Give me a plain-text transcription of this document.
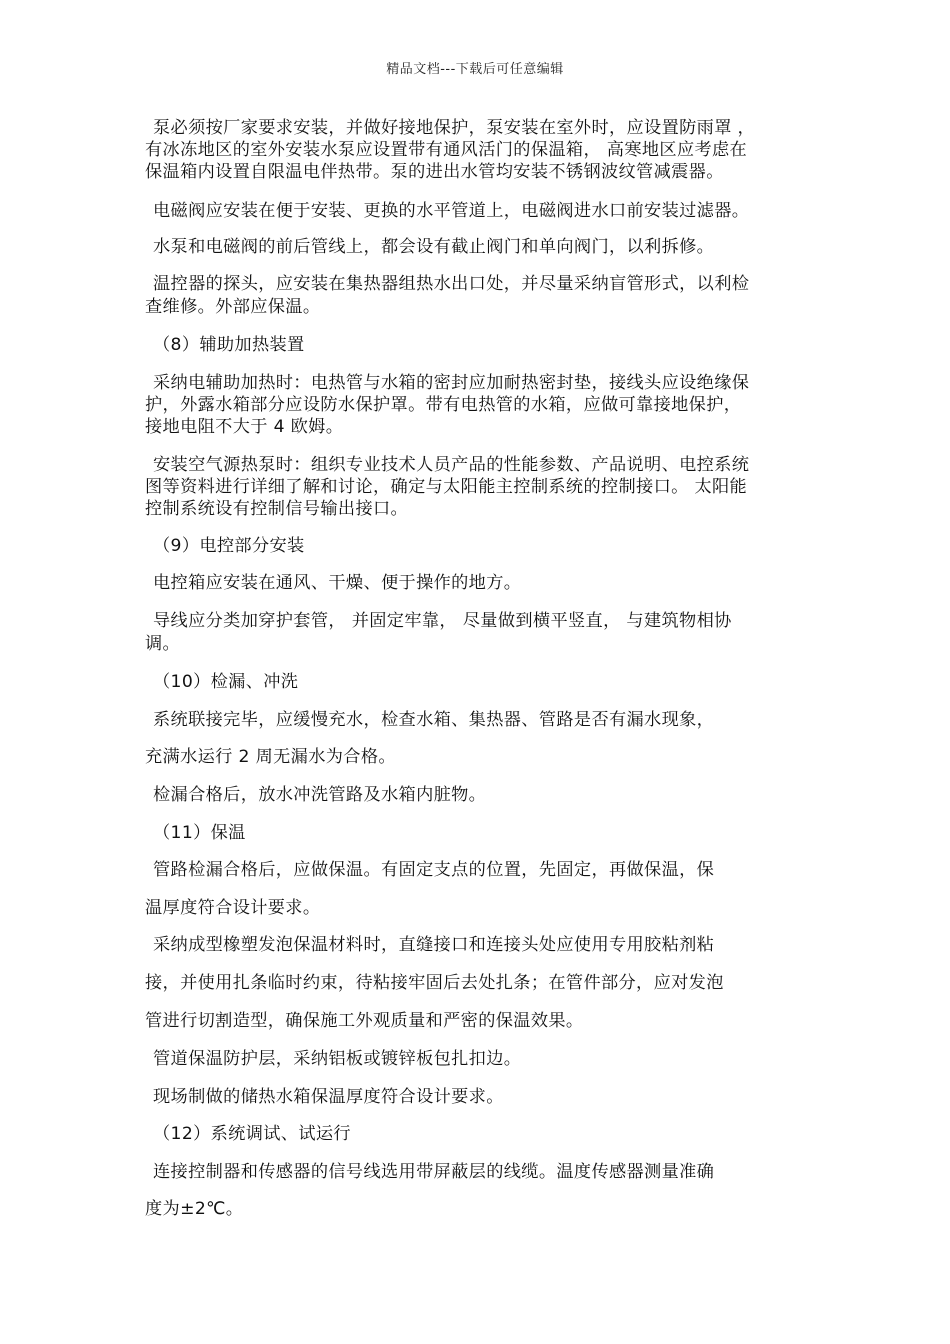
精品文档---下载后可任意编辑
泵必须按厂家要求安装，并做好接地保护，泵安装在室外时，应设置防雨罩 ，
有冰冻地区的室外安装水泵应设置带有通风活门的保温箱， 高寒地区应考虑在
保温箱内设置自限温电伴热带。泵的进出水管均安装不锈钢波纹管减震器。
电磁阀应安装在便于安装、更换的水平管道上，电磁阀进水口前安装过滤器。
水泵和电磁阀的前后管线上，都会设有截止阀门和单向阀门，以利拆修。
温控器的探头，应安装在集热器组热水出口处，并尽量采纳盲管形式，以利检
查维修。外部应保温。
（8）辅助加热装置
采纳电辅助加热时：电热管与水箱的密封应加耐热密封垫，接线头应设绝缘保
护，外露水箱部分应设防水保护罩。带有电热管的水箱，应做可靠接地保护，
接地电阻不大于 4 欧姆。
安装空气源热泵时：组织专业技术人员产品的性能参数、产品说明、电控系统
图等资料进行详细了解和讨论，确定与太阳能主控制系统的控制接口。 太阳能
控制系统设有控制信号输出接口。
（9）电控部分安装
电控箱应安装在通风、干燥、便于操作的地方。
导线应分类加穿护套管， 并固定牢靠， 尽量做到横平竖直， 与建筑物相协
调。
（10）检漏、冲洗
系统联接完毕，应缓慢充水，检查水箱、集热器、管路是否有漏水现象，
充满水运行 2 周无漏水为合格。
检漏合格后，放水冲洗管路及水箱内脏物。
（11）保温
管路检漏合格后，应做保温。有固定支点的位置，先固定，再做保温，保
温厚度符合设计要求。
采纳成型橡塑发泡保温材料时，直缝接口和连接头处应使用专用胶粘剂粘
接，并使用扎条临时约束，待粘接牢固后去处扎条；在管件部分，应对发泡
管进行切割造型，确保施工外观质量和严密的保温效果。
管道保温防护层，采纳铝板或镀锌板包扎扣边。
现场制做的储热水箱保温厚度符合设计要求。
（12）系统调试、试运行
连接控制器和传感器的信号线选用带屏蔽层的线缆。温度传感器测量准确
度为±2℃。
